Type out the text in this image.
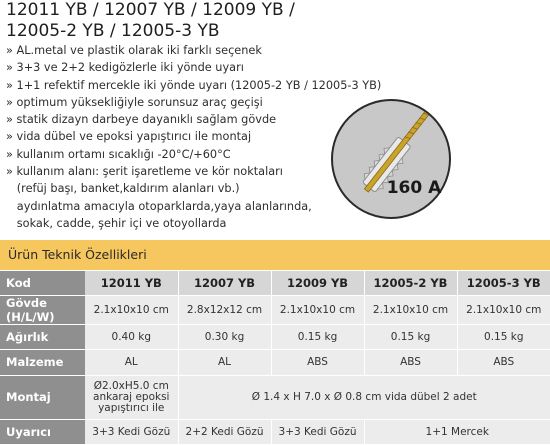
12011 YB / 12007 YB / 12009 YB /
12005-2 YB / 12005-3 YB
» AL.metal ve plastik olarak iki farklı seçenek
» 3+3 ve 2+2 kedigözlerle iki yönde uyarı
» 1+1 refektif mercekle iki yönde uyarı (12005-2 YB / 12005-3 YB)
» optimum yüksekliğiyle sorunsuz araç geçişi
» statik dizayn darbeye dayanıklı sağlam gövde
» vida dübel ve epoksi yapıştırıcı ile montaj
» kullanım ortamı sıcaklığı -20°C/+60°C
» kullanım alanı: şerit işaretleme ve kör noktaları
(refüj başı, banket,kaldırım alanları vb.)
aydınlatma amacıyla otoparklarda,yaya alanlarında,
sokak, cadde, şehir içi ve otoyollarda
160 A
Ürün Teknik Özellikleri
Kod	12011 YB	12007 YB	12009 YB	12005-2 YB	12005-3 YB
Gövde (H/L/W)	2.1x10x10 cm	2.8x12x12 cm	2.1x10x10 cm	2.1x10x10 cm	2.1x10x10 cm
Ağırlık	0.40 kg	0.30 kg	0.15 kg	0.15 kg	0.15 kg
Malzeme	AL	AL	ABS	ABS	ABS
Montaj	Ø2.0xH5.0 cm ankaraj epoksi yapıştırıcı ile	Ø 1.4 x H 7.0 x Ø 0.8 cm vida dübel 2 adet			
Uyarıcı	3+3 Kedi Gözü	2+2 Kedi Gözü	3+3 Kedi Gözü	1+1 Mercek	
